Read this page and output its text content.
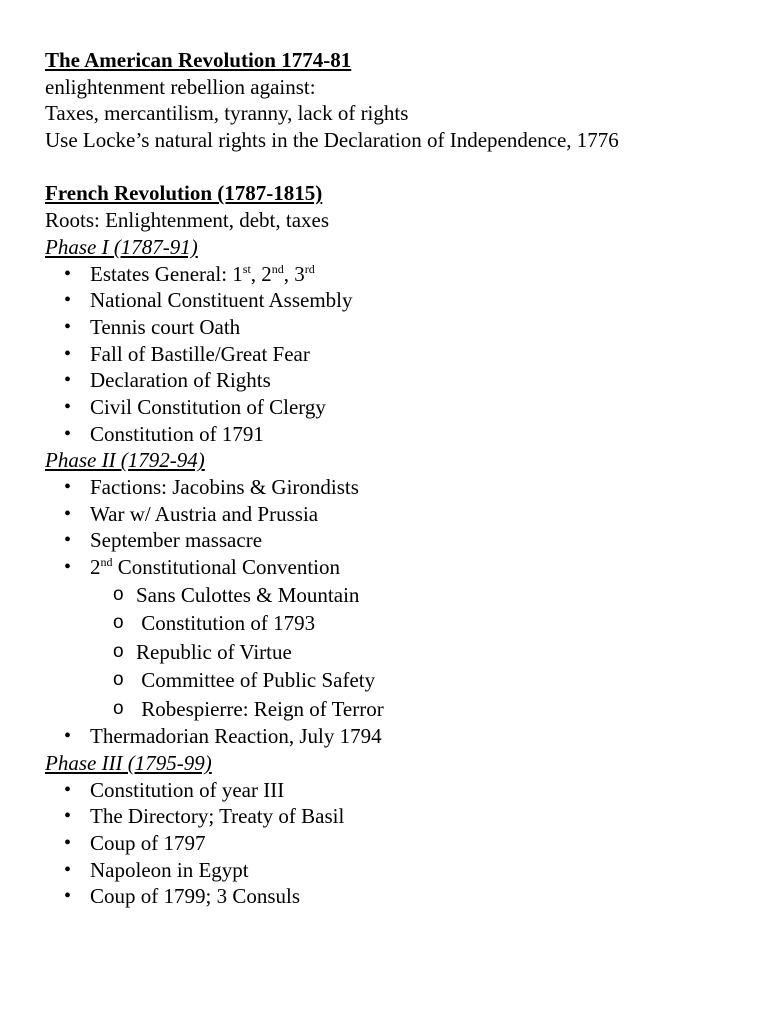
The American Revolution 1774-81
enlightenment rebellion against:
Taxes, mercantilism, tyranny, lack of rights
Use Locke’s natural rights in the Declaration of Independence, 1776
French Revolution (1787-1815)
Roots: Enlightenment, debt, taxes
Phase I (1787-91)
• Estates General: 1st, 2nd, 3rd
• National Constituent Assembly
• Tennis court Oath
• Fall of Bastille/Great Fear
• Declaration of Rights
• Civil Constitution of Clergy
• Constitution of 1791
Phase II (1792-94)
• Factions: Jacobins & Girondists
• War w/ Austria and Prussia
• September massacre
• 2nd Constitutional Convention
o Sans Culottes & Mountain
o Constitution of 1793
o Republic of Virtue
o Committee of Public Safety
o Robespierre: Reign of Terror
• Thermadorian Reaction, July 1794
Phase III (1795-99)
• Constitution of year III
• The Directory; Treaty of Basil
• Coup of 1797
• Napoleon in Egypt
• Coup of 1799; 3 Consuls
